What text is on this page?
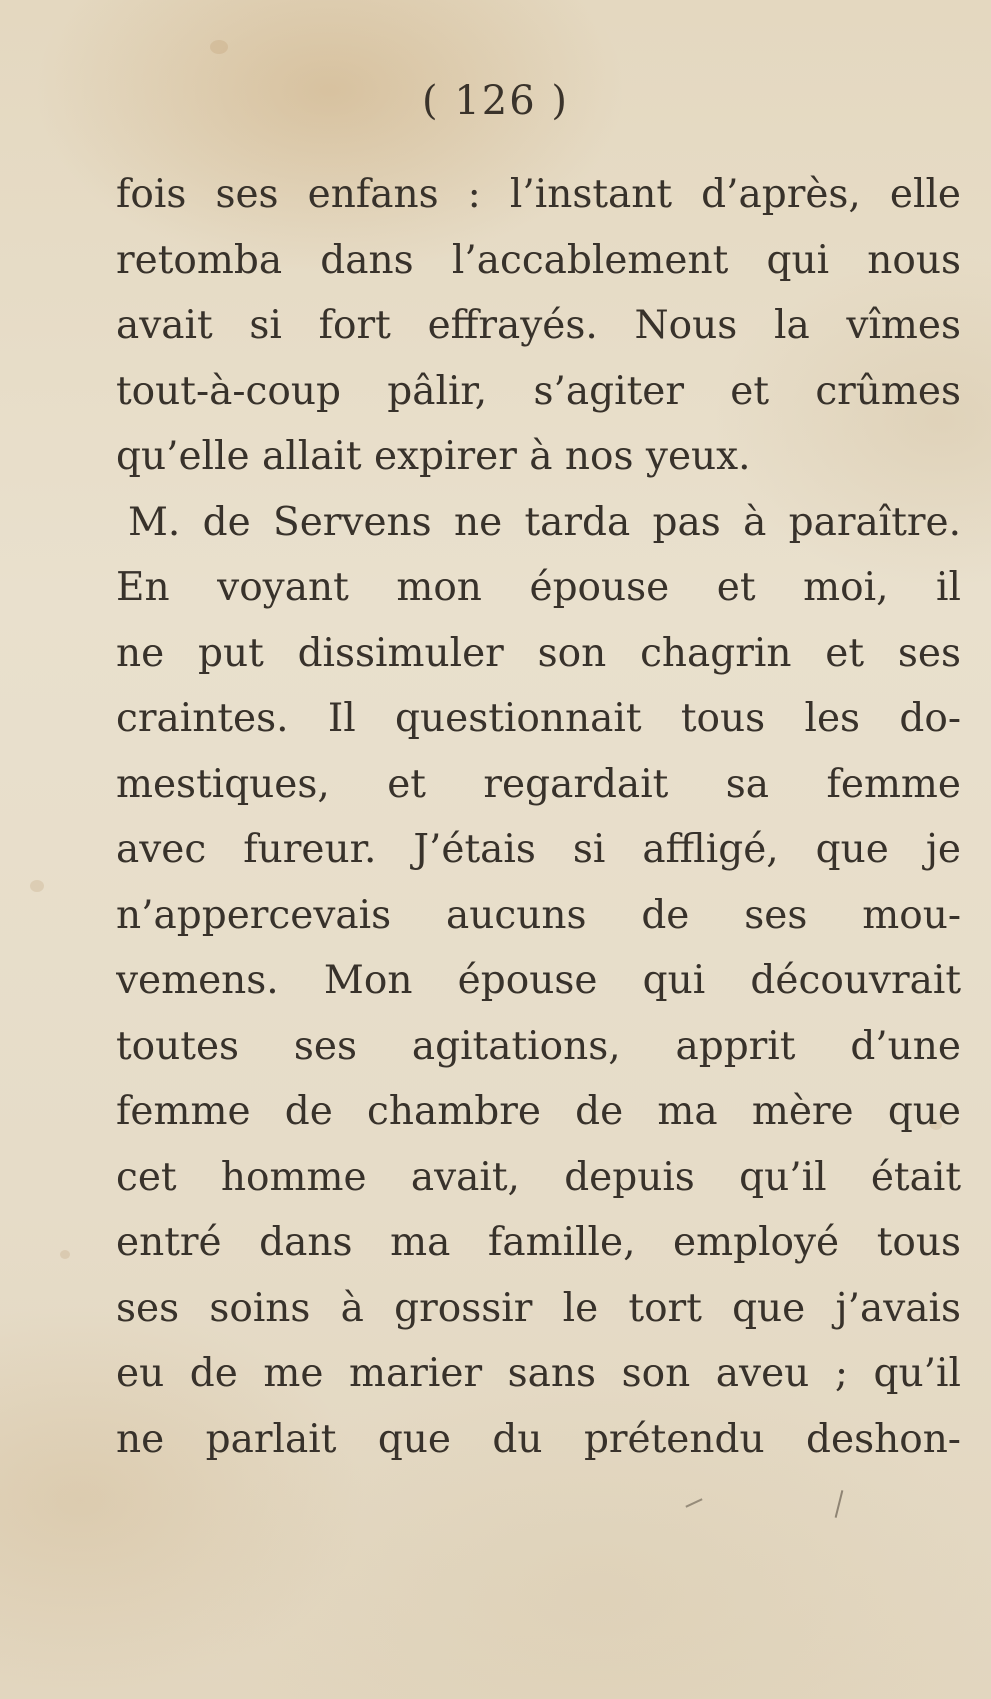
( 126 )
fois ses enfans : l’instant d’après, elle
retomba dans l’accablement qui nous
avait si fort effrayés. Nous la vîmes
tout-à-coup pâlir, s’agiter et crûmes
qu’elle allait expirer à nos yeux.
M. de Servens ne tarda pas à paraître.
En voyant mon épouse et moi, il
ne put dissimuler son chagrin et ses
craintes. Il questionnait tous les do-
mestiques, et regardait sa femme
avec fureur. J’étais si affligé, que je
n’appercevais aucuns de ses mou-
vemens. Mon épouse qui découvrait
toutes ses agitations, apprit d’une
femme de chambre de ma mère que
cet homme avait, depuis qu’il était
entré dans ma famille, employé tous
ses soins à grossir le tort que j’avais
eu de me marier sans son aveu ; qu’il
ne parlait que du prétendu deshon-
